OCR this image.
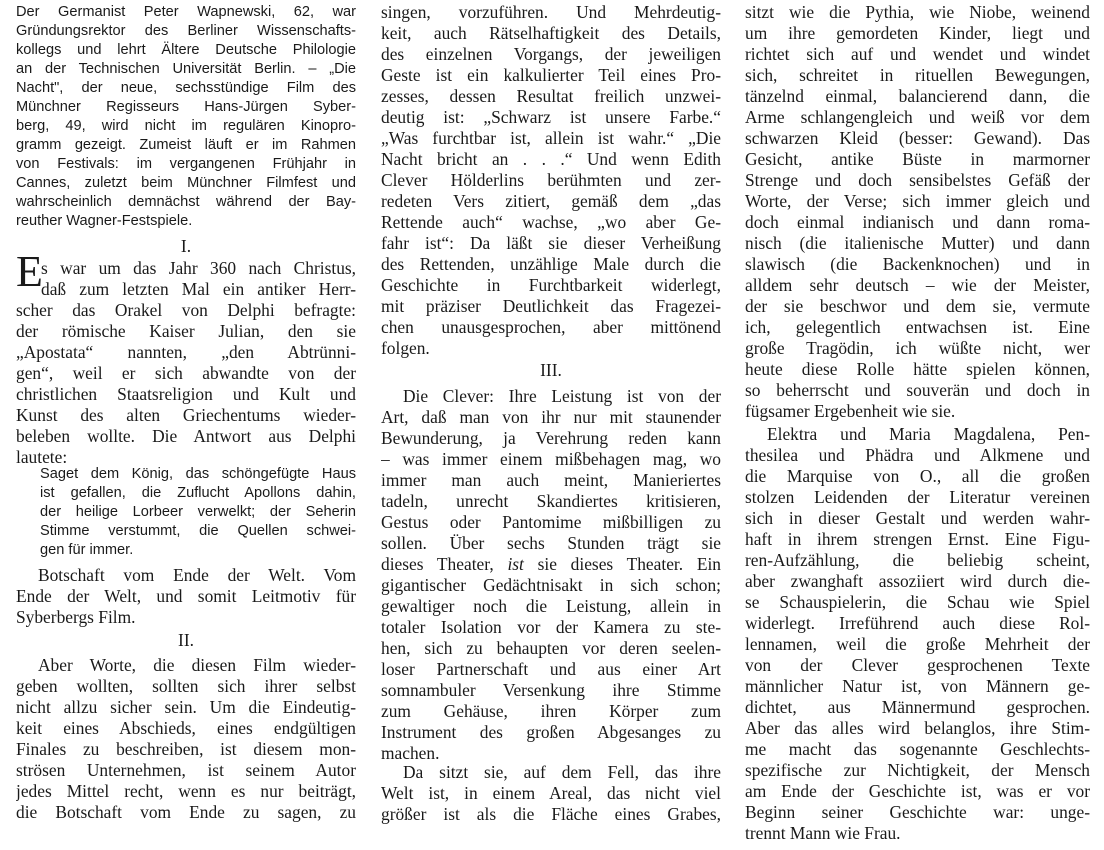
Der Germanist Peter Wapnewski, 62, war
Gründungsrektor des Berliner Wissenschafts-
kollegs und lehrt Ältere Deutsche Philologie
an der Technischen Universität Berlin. – „Die
Nacht", der neue, sechsstündige Film des
Münchner Regisseurs Hans-Jürgen Syber-
berg, 49, wird nicht im regulären Kinopro-
gramm gezeigt. Zumeist läuft er im Rahmen
von Festivals: im vergangenen Frühjahr in
Cannes, zuletzt beim Münchner Filmfest und
wahrscheinlich demnächst während der Bay-
reuther Wagner-Festspiele.
I.
s war um das Jahr 360 nach Christus,
daß zum letzten Mal ein antiker Herr-
scher das Orakel von Delphi befragte:
der römische Kaiser Julian, den sie
„Apostata“ nannten, „den Abtrünni-
gen“, weil er sich abwandte von der
christlichen Staatsreligion und Kult und
Kunst des alten Griechentums wieder-
beleben wollte. Die Antwort aus Delphi
lautete:
Saget dem König, das schöngefügte Haus
ist gefallen, die Zuflucht Apollons dahin,
der heilige Lorbeer verwelkt; der Seherin
Stimme verstummt, die Quellen schwei-
gen für immer.
Botschaft vom Ende der Welt. Vom
Ende der Welt, und somit Leitmotiv für
Syberbergs Film.
II.
Aber Worte, die diesen Film wieder-
geben wollten, sollten sich ihrer selbst
nicht allzu sicher sein. Um die Eindeutig-
keit eines Abschieds, eines endgültigen
Finales zu beschreiben, ist diesem mon-
strösen Unternehmen, ist seinem Autor
jedes Mittel recht, wenn es nur beiträgt,
die Botschaft vom Ende zu sagen, zu
E
singen, vorzuführen. Und Mehrdeutig-
keit, auch Rätselhaftigkeit des Details,
des einzelnen Vorgangs, der jeweiligen
Geste ist ein kalkulierter Teil eines Pro-
zesses, dessen Resultat freilich unzwei-
deutig ist: „Schwarz ist unsere Farbe.“
„Was furchtbar ist, allein ist wahr.“ „Die
Nacht bricht an . . .“ Und wenn Edith
Clever Hölderlins berühmten und zer-
redeten Vers zitiert, gemäß dem „das
Rettende auch“ wachse, „wo aber Ge-
fahr ist“: Da läßt sie dieser Verheißung
des Rettenden, unzählige Male durch die
Geschichte in Furchtbarkeit widerlegt,
mit präziser Deutlichkeit das Fragezei-
chen unausgesprochen, aber mittönend
folgen.
III.
Die Clever: Ihre Leistung ist von der
Art, daß man von ihr nur mit staunender
Bewunderung, ja Verehrung reden kann
– was immer einem mißbehagen mag, wo
immer man auch meint, Manieriertes
tadeln, unrecht Skandiertes kritisieren,
Gestus oder Pantomime mißbilligen zu
sollen. Über sechs Stunden trägt sie
dieses Theater, ist sie dieses Theater. Ein
gigantischer Gedächtnisakt in sich schon;
gewaltiger noch die Leistung, allein in
totaler Isolation vor der Kamera zu ste-
hen, sich zu behaupten vor deren seelen-
loser Partnerschaft und aus einer Art
somnambuler Versenkung ihre Stimme
zum Gehäuse, ihren Körper zum
Instrument des großen Abgesanges zu
machen.
Da sitzt sie, auf dem Fell, das ihre
Welt ist, in einem Areal, das nicht viel
größer ist als die Fläche eines Grabes,
sitzt wie die Pythia, wie Niobe, weinend
um ihre gemordeten Kinder, liegt und
richtet sich auf und wendet und windet
sich, schreitet in rituellen Bewegungen,
tänzelnd einmal, balancierend dann, die
Arme schlangengleich und weiß vor dem
schwarzen Kleid (besser: Gewand). Das
Gesicht, antike Büste in marmorner
Strenge und doch sensibelstes Gefäß der
Worte, der Verse; sich immer gleich und
doch einmal indianisch und dann roma-
nisch (die italienische Mutter) und dann
slawisch (die Backenknochen) und in
alldem sehr deutsch – wie der Meister,
der sie beschwor und dem sie, vermute
ich, gelegentlich entwachsen ist. Eine
große Tragödin, ich wüßte nicht, wer
heute diese Rolle hätte spielen können,
so beherrscht und souverän und doch in
fügsamer Ergebenheit wie sie.
Elektra und Maria Magdalena, Pen-
thesilea und Phädra und Alkmene und
die Marquise von O., all die großen
stolzen Leidenden der Literatur vereinen
sich in dieser Gestalt und werden wahr-
haft in ihrem strengen Ernst. Eine Figu-
ren-Aufzählung, die beliebig scheint,
aber zwanghaft assoziiert wird durch die-
se Schauspielerin, die Schau wie Spiel
widerlegt. Irreführend auch diese Rol-
lennamen, weil die große Mehrheit der
von der Clever gesprochenen Texte
männlicher Natur ist, von Männern ge-
dichtet, aus Männermund gesprochen.
Aber das alles wird belanglos, ihre Stim-
me macht das sogenannte Geschlechts-
spezifische zur Nichtigkeit, der Mensch
am Ende der Geschichte ist, was er vor
Beginn seiner Geschichte war: unge-
trennt Mann wie Frau.
